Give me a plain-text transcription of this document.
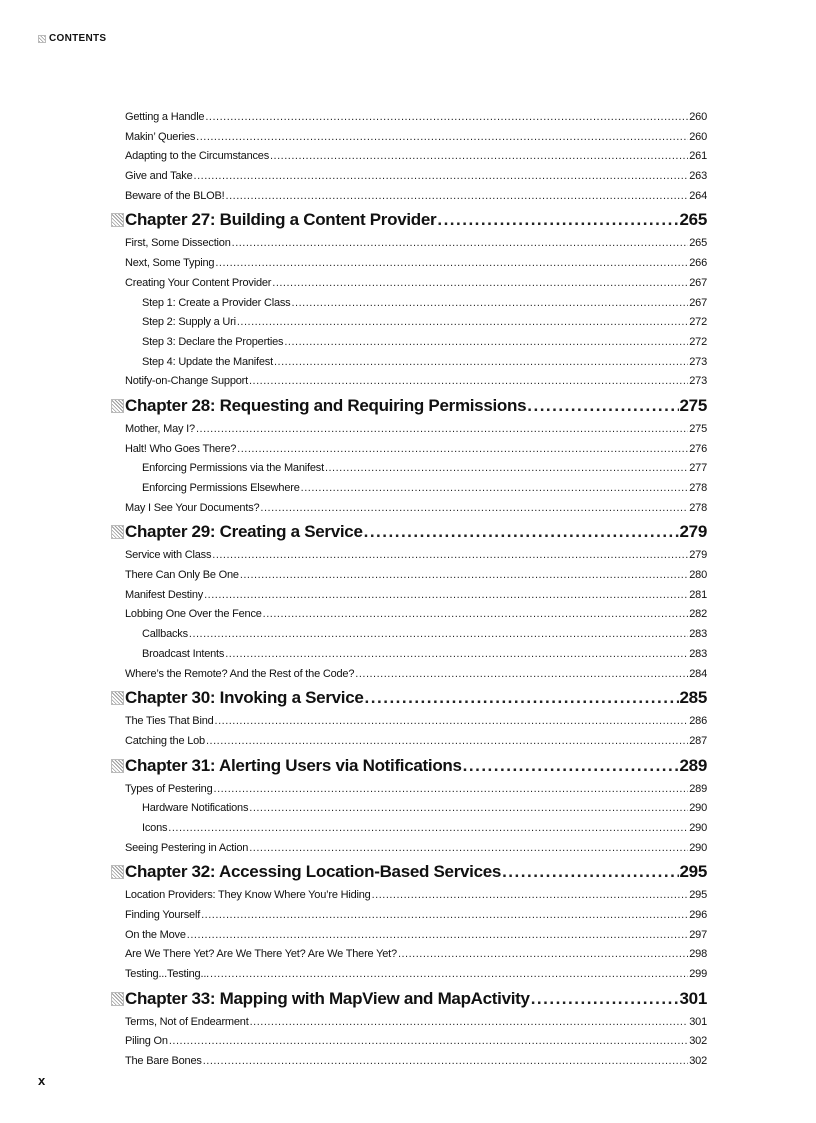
CONTENTS
Getting a Handle .....	260
Makin’ Queries .....	260
Adapting to the Circumstances .....	261
Give and Take .....	263
Beware of the BLOB! .....	264
Chapter 27: Building a Content Provider .....	265
First, Some Dissection .....	265
Next, Some Typing .....	266
Creating Your Content Provider .....	267
Step 1: Create a Provider Class .....	267
Step 2: Supply a Uri .....	272
Step 3: Declare the Properties .....	272
Step 4: Update the Manifest .....	273
Notify-on-Change Support .....	273
Chapter 28: Requesting and Requiring Permissions .....	275
Mother, May I? .....	275
Halt! Who Goes There? .....	276
Enforcing Permissions via the Manifest .....	277
Enforcing Permissions Elsewhere .....	278
May I See Your Documents? .....	278
Chapter 29: Creating a Service .....	279
Service with Class .....	279
There Can Only Be One .....	280
Manifest Destiny .....	281
Lobbing One Over the Fence .....	282
Callbacks .....	283
Broadcast Intents .....	283
Where’s the Remote? And the Rest of the Code? .....	284
Chapter 30: Invoking a Service .....	285
The Ties That Bind .....	286
Catching the Lob .....	287
Chapter 31: Alerting Users via Notifications .....	289
Types of Pestering .....	289
Hardware Notifications .....	290
Icons .....	290
Seeing Pestering in Action .....	290
Chapter 32: Accessing Location-Based Services .....	295
Location Providers: They Know Where You’re Hiding .....	295
Finding Yourself .....	296
On the Move .....	297
Are We There Yet? Are We There Yet? Are We There Yet? .....	298
Testing...Testing... .....	299
Chapter 33: Mapping with MapView and MapActivity .....	301
Terms, Not of Endearment .....	301
Piling On .....	302
The Bare Bones .....	302
x
